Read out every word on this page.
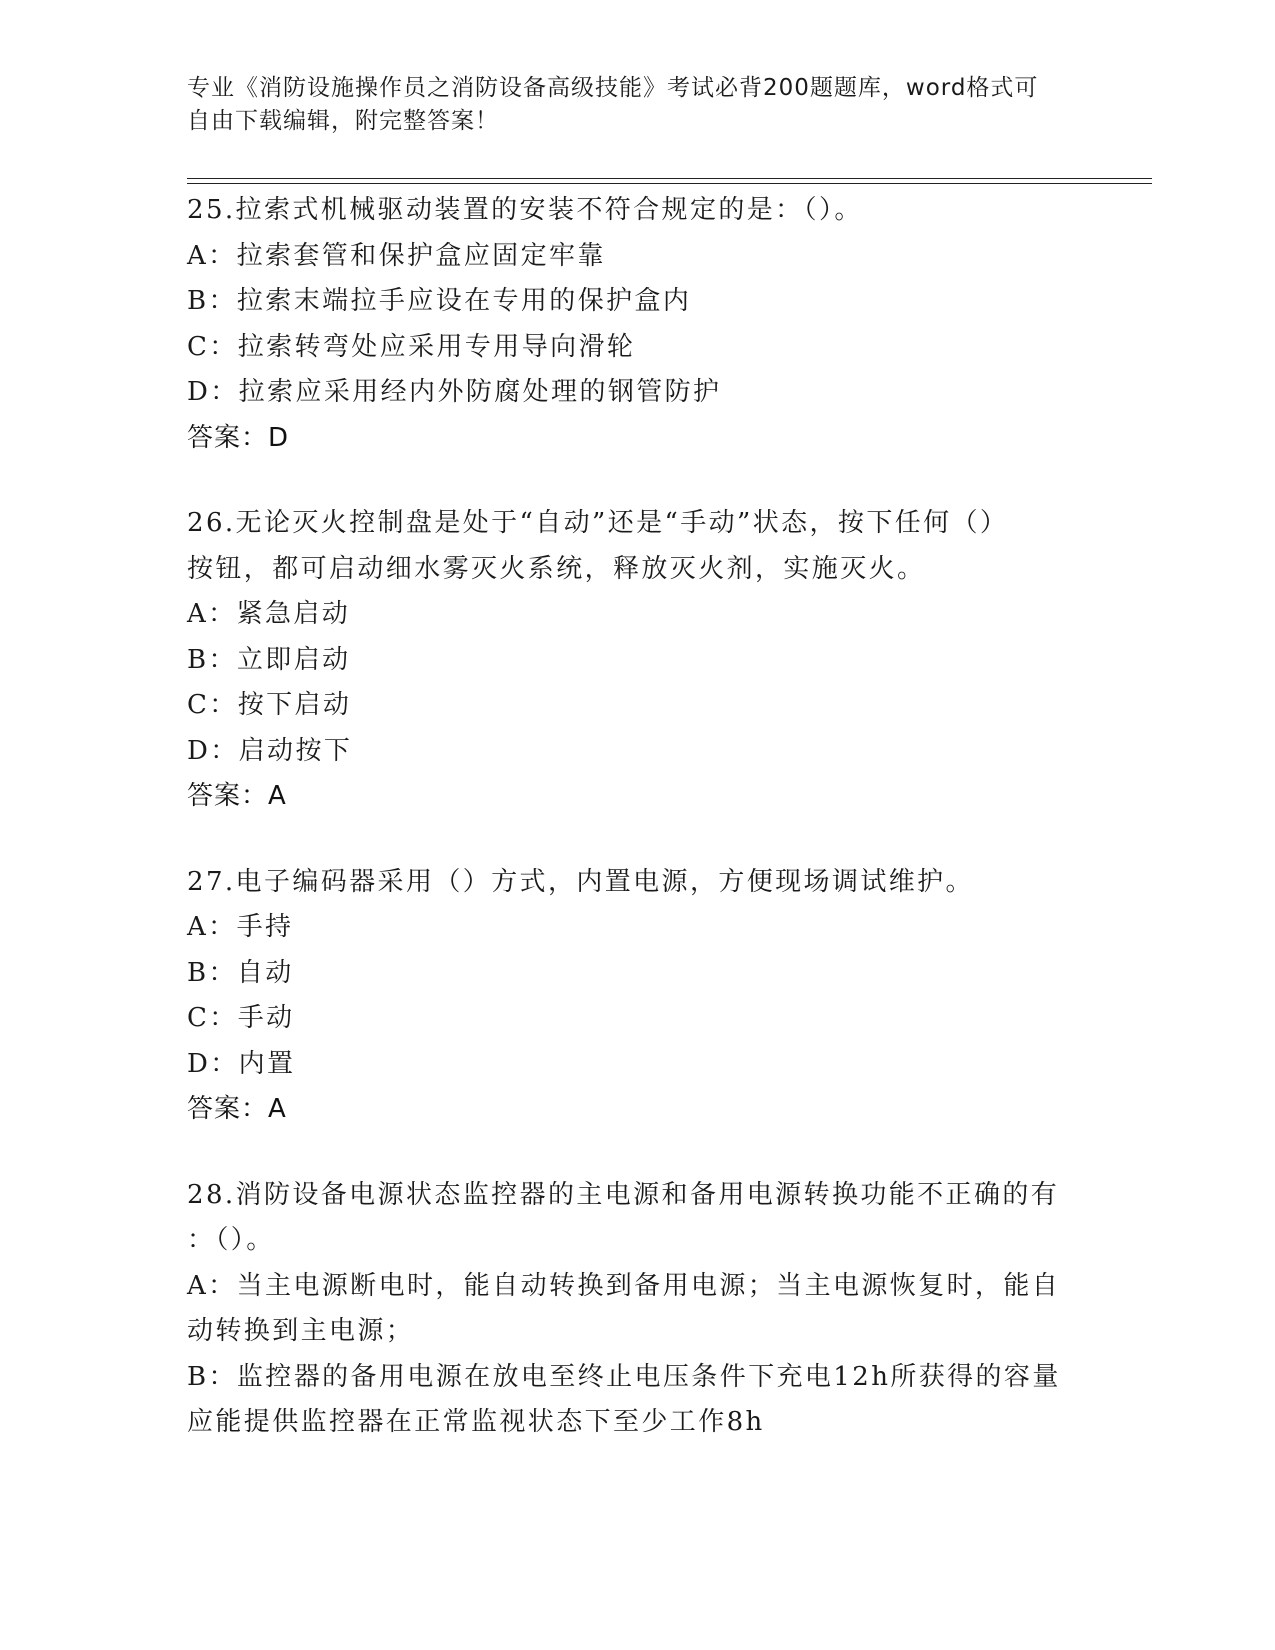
专业《消防设施操作员之消防设备高级技能》考试必背200题题库，word格式可
自由下载编辑，附完整答案！
25.拉索式机械驱动装置的安装不符合规定的是：（）。
A：拉索套管和保护盒应固定牢靠
B：拉索末端拉手应设在专用的保护盒内
C：拉索转弯处应采用专用导向滑轮
D：拉索应采用经内外防腐处理的钢管防护
答案：D
26.无论灭火控制盘是处于“自动”还是“手动”状态，按下任何（）
按钮，都可启动细水雾灭火系统，释放灭火剂，实施灭火。
A：紧急启动
B：立即启动
C：按下启动
D：启动按下
答案：A
27.电子编码器采用（）方式，内置电源，方便现场调试维护。
A：手持
B：自动
C：手动
D：内置
答案：A
28.消防设备电源状态监控器的主电源和备用电源转换功能不正确的有
：（）。
A：当主电源断电时，能自动转换到备用电源；当主电源恢复时，能自
动转换到主电源；
B：监控器的备用电源在放电至终止电压条件下充电12h所获得的容量
应能提供监控器在正常监视状态下至少工作8h
